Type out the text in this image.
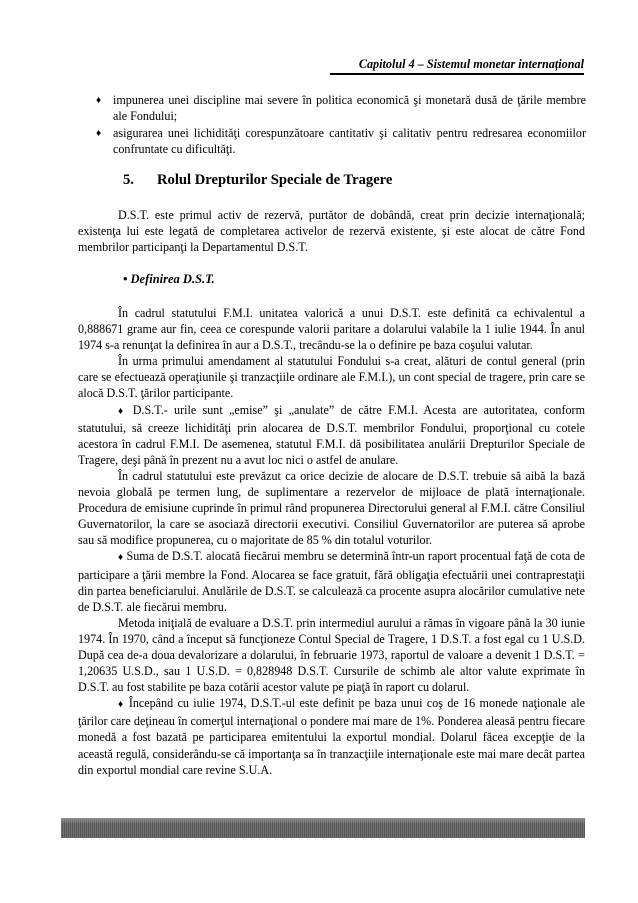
Capitolul 4 – Sistemul monetar internațional
♦ impunerea unei discipline mai severe în politica economică şi monetară dusă de ţările membre ale Fondului;
♦ asigurarea unei lichidităţi corespunzătoare cantitativ şi calitativ pentru redresarea economiilor confruntate cu dificultăţi.
5. Rolul Drepturilor Speciale de Tragere

D.S.T. este primul activ de rezervă, purtător de dobândă, creat prin decizie internaţională; existenţa lui este legată de completarea activelor de rezervă existente, şi este alocat de către Fond membrilor participanţi la Departamentul D.S.T.

• Definirea D.S.T.

În cadrul statutului F.M.I. unitatea valorică a unui D.S.T. este definită ca echivalentul a 0,888671 grame aur fin, ceea ce corespunde valorii paritare a dolarului valabile la 1 iulie 1944. În anul 1974 s-a renunţat la definirea în aur a D.S.T., trecându-se la o definire pe baza coşului valutar.

În urma primului amendament al statutului Fondului s-a creat, alături de contul general (prin care se efectuează operaţiunile şi tranzacţiile ordinare ale F.M.I.), un cont special de tragere, prin care se alocă D.S.T. ţărilor participante.

♦ D.S.T.- urile sunt „emise” şi „anulate” de către F.M.I. Acesta are autoritatea, conform statutului, să creeze lichidităţi prin alocarea de D.S.T. membrilor Fondului, proporţional cu cotele acestora în cadrul F.M.I. De asemenea, statutul F.M.I. dă posibilitatea anulării Drepturilor Speciale de Tragere, deşi până în prezent nu a avut loc nici o astfel de anulare.

În cadrul statutului este prevăzut ca orice decizie de alocare de D.S.T. trebuie să aibă la bază nevoia globală pe termen lung, de suplimentare a rezervelor de mijloace de plată internaţionale. Procedura de emisiune cuprinde în primul rând propunerea Directorului general al F.M.I. către Consiliul Guvernatorilor, la care se asociază directorii executivi. Consiliul Guvernatorilor are puterea să aprobe sau să modifice propunerea, cu o majoritate de 85 % din totalul voturilor.

♦ Suma de D.S.T. alocată fiecărui membru se determină într-un raport procentual faţă de cota de participare a ţării membre la Fond. Alocarea se face gratuit, fără obligaţia efectuării unei contraprestaţii din partea beneficiarului. Anulările de D.S.T. se calculează ca procente asupra alocărilor cumulative nete de D.S.T. ale fiecărui membru.

Metoda iniţială de evaluare a D.S.T. prin intermediul aurului a rămas în vigoare până la 30 iunie 1974. În 1970, când a început să funcţioneze Contul Special de Tragere, 1 D.S.T. a fost egal cu 1 U.S.D. După cea de-a doua devalorizare a dolarului, în februarie 1973, raportul de valoare a devenit 1 D.S.T. = 1,20635 U.S.D., sau 1 U.S.D. = 0,828948 D.S.T. Cursurile de schimb ale altor valute exprimate în D.S.T. au fost stabilite pe baza cotării acestor valute pe piaţă în raport cu dolarul.

♦ Începând cu iulie 1974, D.S.T.-ul este definit pe baza unui coş de 16 monede naţionale ale ţărilor care deţineau în comerţul internaţional o pondere mai mare de 1%. Ponderea aleasă pentru fiecare monedă a fost bazată pe participarea emitentului la exportul mondial. Dolarul făcea excepţie de la această regulă, considerându-se că importanţa sa în tranzacţiile internaţionale este mai mare decât partea din exportul mondial care revine S.U.A.
